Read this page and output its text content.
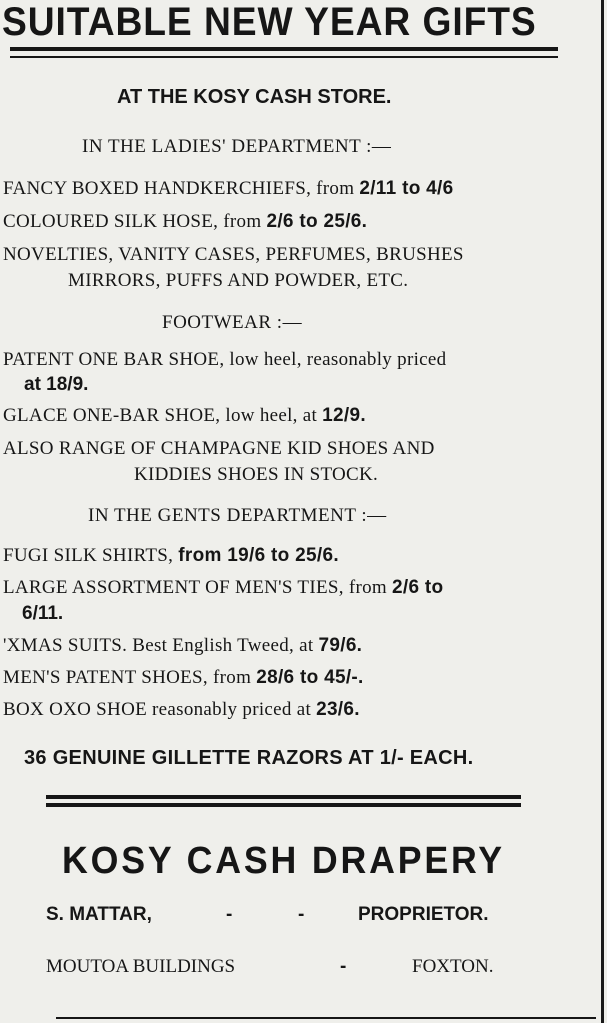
SUITABLE NEW YEAR GIFTS
AT THE KOSY CASH STORE.
IN THE LADIES' DEPARTMENT :—
FANCY BOXED HANDKERCHIEFS, from 2/11 to 4/6
COLOURED SILK HOSE, from 2/6 to 25/6.
NOVELTIES, VANITY CASES, PERFUMES, BRUSHES
MIRRORS, PUFFS AND POWDER, ETC.
FOOTWEAR :—
PATENT ONE BAR SHOE, low heel, reasonably priced
at 18/9.
GLACE ONE-BAR SHOE, low heel, at 12/9.
ALSO RANGE OF CHAMPAGNE KID SHOES AND
KIDDIES SHOES IN STOCK.
IN THE GENTS DEPARTMENT :—
FUGI SILK SHIRTS, from 19/6 to 25/6.
LARGE ASSORTMENT OF MEN'S TIES, from 2/6 to
6/11.
'XMAS SUITS. Best English Tweed, at 79/6.
MEN'S PATENT SHOES, from 28/6 to 45/-.
BOX OXO SHOE reasonably priced at 23/6.
36 GENUINE GILLETTE RAZORS AT 1/- EACH.
KOSY CASH DRAPERY
S. MATTAR,	-	-	PROPRIETOR.
MOUTOA BUILDINGS	-	FOXTON.
